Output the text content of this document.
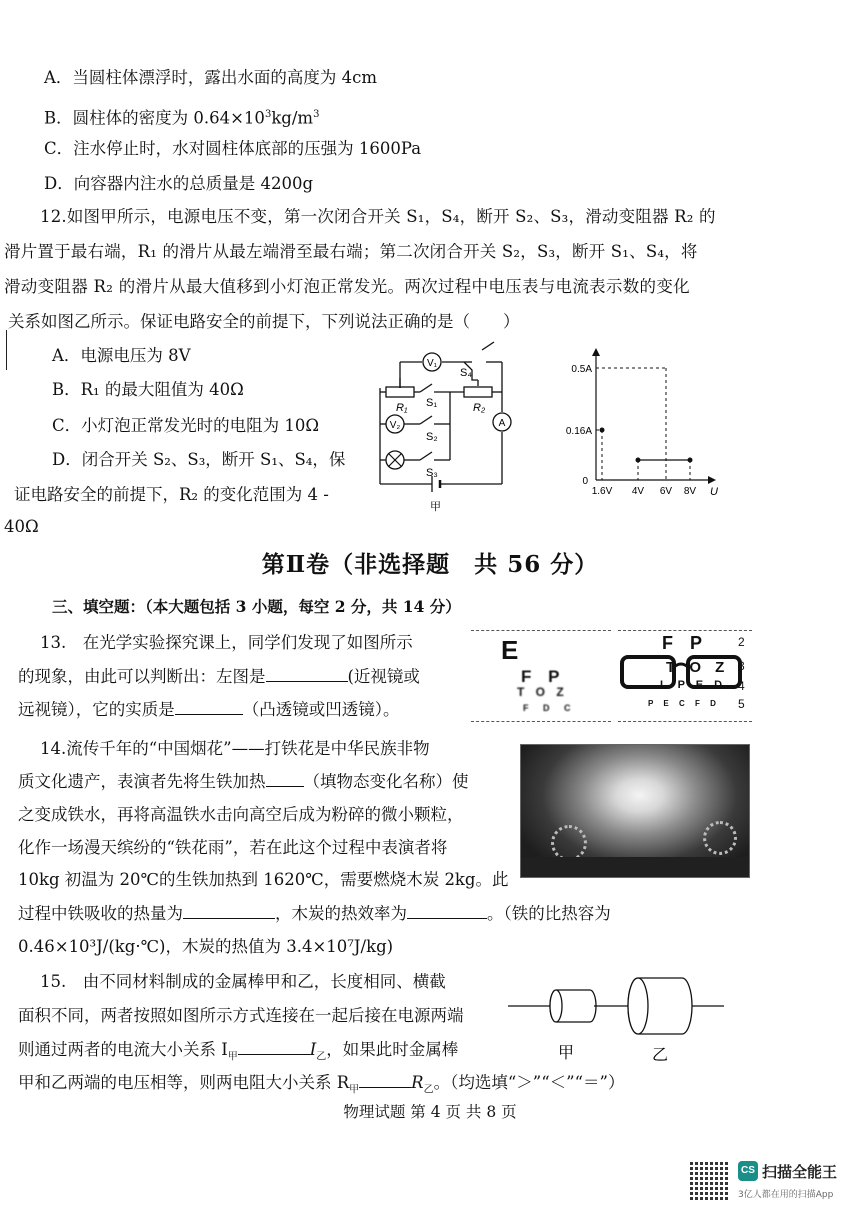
A．当圆柱体漂浮时，露出水面的高度为 4cm
B．圆柱体的密度为 $0.64\times 10^3kg/m^3$
C．注水停止时，水对圆柱体底部的压强为 1600Pa
D．向容器内注水的总质量是 4200g
12.如图甲所示，电源电压不变，第一次闭合开关 S₁，S₄，断开 S₂、S₃，滑动变阻器 R₂ 的
滑片置于最右端，R₁ 的滑片从最左端滑至最右端；第二次闭合开关 S₂，S₃，断开 S₁、S₄，将
滑动变阻器 R₂ 的滑片从最大值移到小灯泡正常发光。两次过程中电压表与电流表示数的变化
关系如图乙所示。保证电路安全的前提下，下列说法正确的是（　　）
A．电源电压为 8V
B．R₁ 的最大阻值为 40Ω
C．小灯泡正常发光时的电阻为 10Ω
D．闭合开关 S₂、S₃，断开 S₁、S₄，保
证电路安全的前提下，R₂ 的变化范围为 4 -
40Ω
V₁
V₂	A
R₁	R₂
S₁
S₂
S₃
S₄
甲
0.5A
0.16A
0
1.6V 4V 6V 8V U
第Ⅱ卷（非选择题　共 56 分）
三、填空题：（本大题包括 3 小题，每空 2 分，共 14 分）
13.　在光学实验探究课上，同学们发现了如图所示
的现象，由此可以判断出：左图是	(近视镜或
远视镜），它的实质是	（凸透镜或凹透镜）。
E
F P
T O Z
F D C
F P
T O Z
L P E D
P E C F D
2
3
4
5
14.流传千年的“中国烟花”——打铁花是中华民族非物
质文化遗产，表演者先将生铁加热 （填物态变化名称）使
之变成铁水，再将高温铁水击向高空后成为粉碎的微小颗粒，
化作一场漫天缤纷的“铁花雨”，若在此这个过程中表演者将
10kg 初温为 20℃的生铁加热到 1620℃，需要燃烧木炭 2kg。此
过程中铁吸收的热量为	，木炭的热效率为	。（铁的比热容为
0.46×10³J/(kg·℃)，木炭的热值为 3.4×10⁷J/kg)
15.　由不同材料制成的金属棒甲和乙，长度相同、横截
面积不同，两者按照如图所示方式连接在一起后接在电源两端
则通过两者的电流大小关系 $I_甲$	$I_乙$，如果此时金属棒
甲和乙两端的电压相等，则两电阻大小关系 $R_甲$	$R_乙$。（均选填“＞”“＜”“＝”）
甲	乙
物理试题 第 4 页 共 8 页
CS 扫描全能王
3亿人都在用的扫描App
